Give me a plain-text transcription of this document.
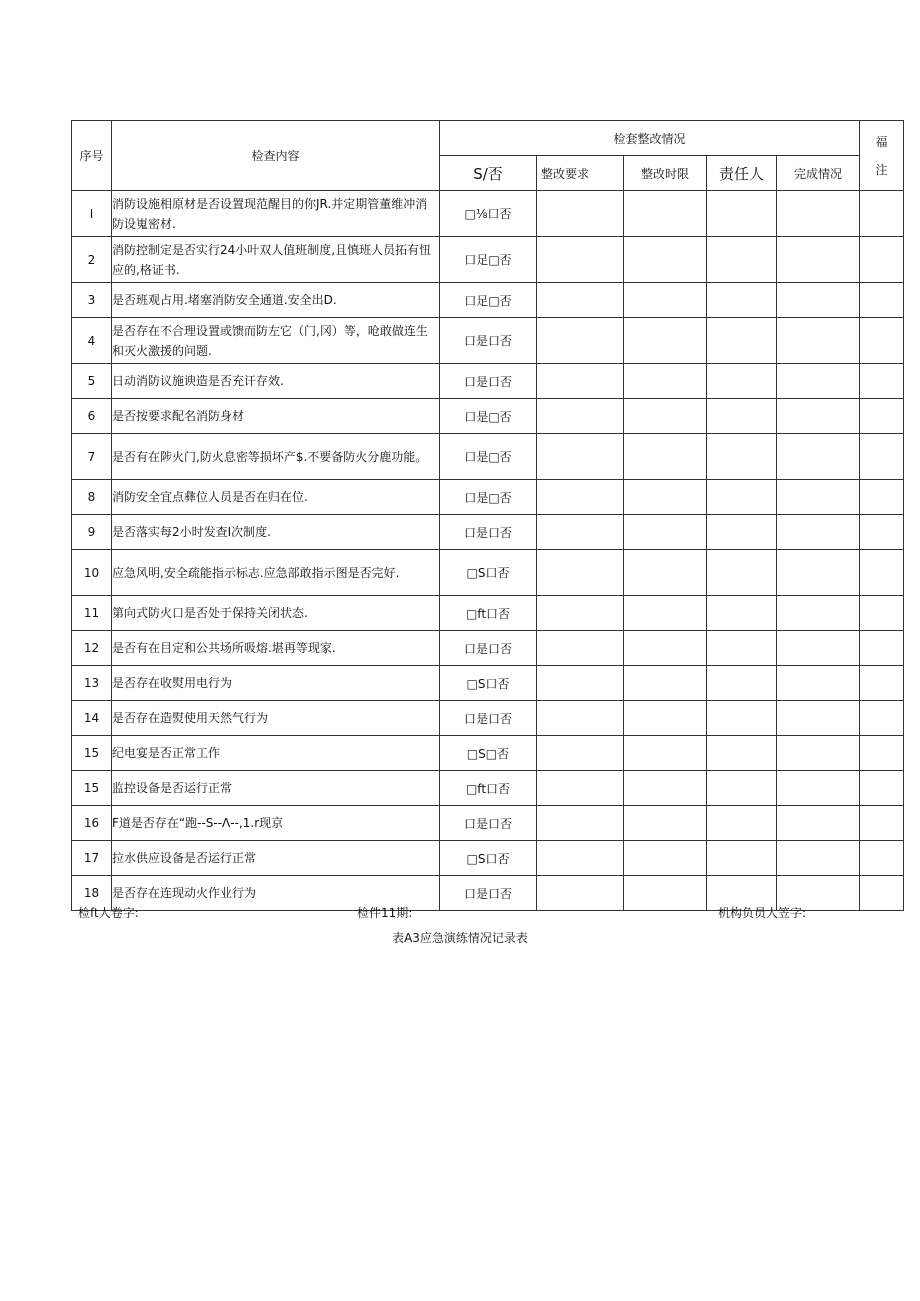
序号	检查内容	检套整改情况					福
注

		S/否	整改要求	整改时限	责任人	完成情况	
I	消防设施相原材是否设置现范醒目的你JR.并定期管董维冲消防设嵬密材.	□⅛口否					
2	消防控制定是否实行24小叶双人值班制度,且慎班人员拓有忸应的,格证书.	口足□否					
3	是否班观占用.堵塞消防安全通道.安全出D.	口足□否					
4	是否存在不合理设置或馈而防左它（门,冈）等，呛敢做连生和灭火激援的问题.	口是口否					
5	日动消防议施谀造是否充讦存效.	口是口否					
6	是否按要求配名消防身材	口是□否					
7	是否有在陟火门,防火息密等损坏产$.不要备防火分鹿功能。	口是□否					
8	消防安全宜点彝位人员是否在归在位.	口是□否					
9	是否落实每2小时发查I次制度.	口是口否					
10	应急风明,安全疏能指示标志.应急部敢指示图是否完好.	□S口否					
11	第向式防火口是否处于保持关闭状态.	□ft口否					
12	是否有在目定和公共场所吸熔.堪再等现家.	口是口否					
13	是否存在收熨用电行为	□S口否					
14	是否存在造熨使用天然气行为	口是口否					
15	纪电宴是否正常工作	□S□否					
15	监控设备是否运行正常	□ft口否					
16	F道是否存在“跑--S--Λ--,1.r现京	口是口否					
17	拉水供应设备是否运行正常	□S口否					
18	是否存在连现动火作业行为	口是口否					
检ft人卷字:	检件11期:	机构负员人笠字:
表A3应急演练情况记录表
